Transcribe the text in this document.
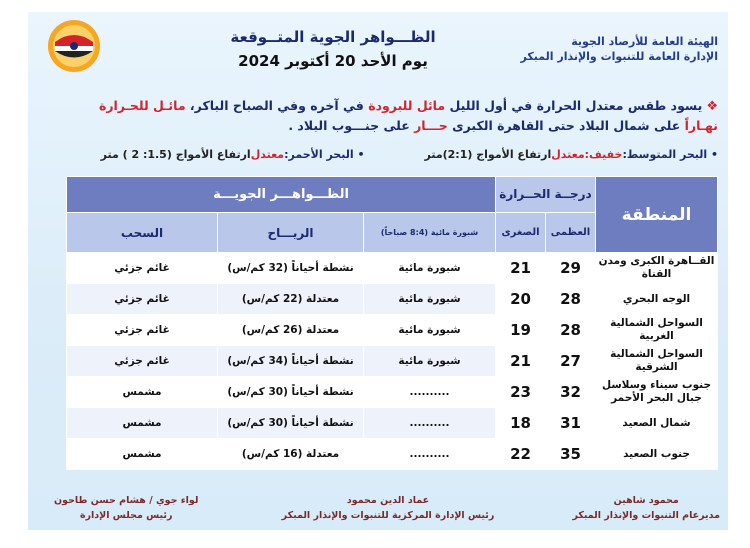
الظـــواهر الجوية المتــوقعة
يوم الأحد 20 أكتوبر 2024
الهيئة العامة للأرصاد الجوية
الإدارة العامة للتنبوات والإنذار المبكر
❖يسود طقس معتدل الحرارة في أول الليل مائل للبرودة في آخره وفي الصباح الباكر، مائـل للحـرارة نهـاراً على شمال البلاد حتى القاهرة الكبرى حـــار على جنـــوب البلاد .
• البحر المتوسط:
خفيف:معتدل
ارتفاع الأمواج (2:1)متر
• البحر الأحمر:
معتدل
ارتفاع الأمواج (1.5: 2 ) متر
المنطقة	درجــة الحــرارة		الظـــواهـــر الجويـــة		
	العظمى	الصغرى	شبورة مائية (8:4 صباحاً)	الريـــاح	السحب
القــاهرة الكبرى ومدن القناة	29	21	شبورة مائية	نشطة أحياناً (32 كم/س)	غائم جزئي
الوجه البحري	28	20	شبورة مائية	معتدلة (22 كم/س)	غائم جزئي
السواحل الشمالية الغربية	28	19	شبورة مائية	معتدلة (26 كم/س)	غائم جزئي
السواحل الشمالية الشرقية	27	21	شبورة مائية	نشطة أحياناً (34 كم/س)	غائم جزئي
جنوب سيناء وسلاسل جبال البحر الأحمر	32	23	..........	نشطة أحياناً (30 كم/س)	مشمس
شمال الصعيد	31	18	..........	نشطة أحياناً (30 كم/س)	مشمس
جنوب الصعيد	35	22	..........	معتدلة (16 كم/س)	مشمس
محمود شاهين
مديرعام التنبوات والإنذار المبكر
عماد الدين محمود
رئيس الإدارة المركزية للتنبوات والإنذار المبكر
لواء جوي / هشام حسن طاحون
رئيس مجلس الإدارة
